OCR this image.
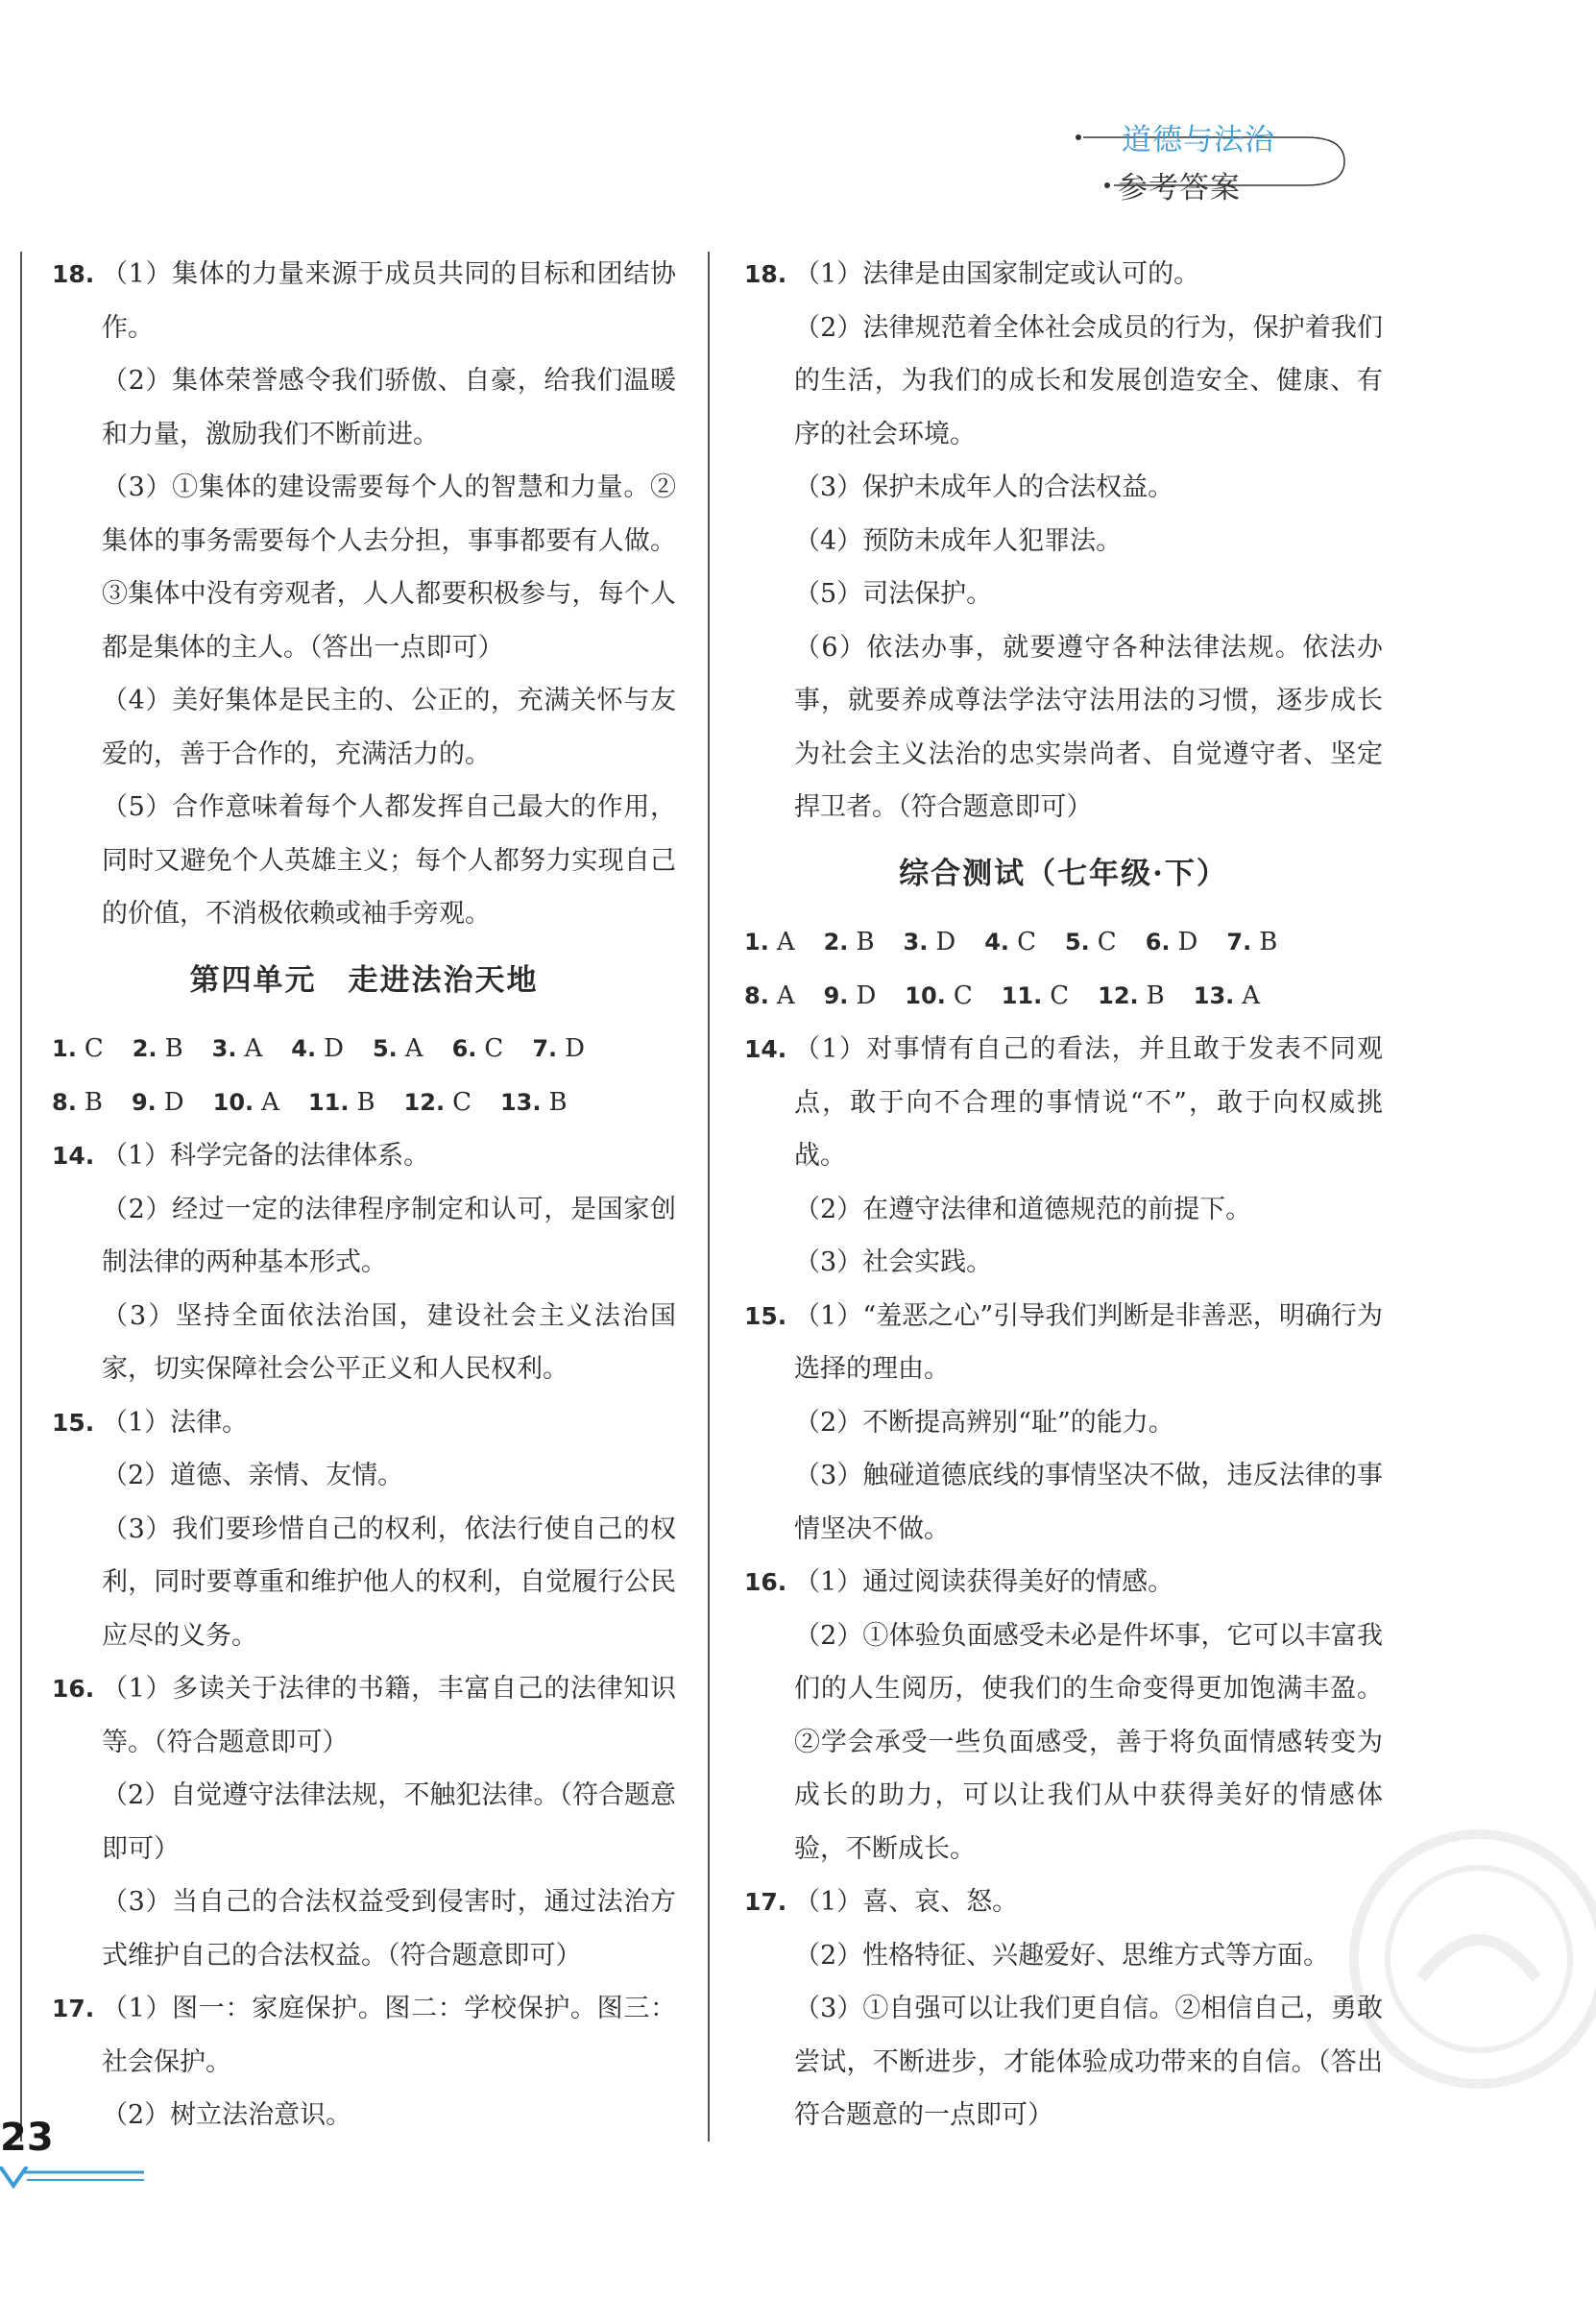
道德与法治
参考答案
18. （1）集体的力量来源于成员共同的目标和团结协作。
（2）集体荣誉感令我们骄傲、自豪，给我们温暖和力量，激励我们不断前进。
（3）①集体的建设需要每个人的智慧和力量。②集体的事务需要每个人去分担，事事都要有人做。③集体中没有旁观者，人人都要积极参与，每个人都是集体的主人。（答出一点即可）
（4）美好集体是民主的、公正的，充满关怀与友爱的，善于合作的，充满活力的。
（5）合作意味着每个人都发挥自己最大的作用，同时又避免个人英雄主义；每个人都努力实现自己的价值，不消极依赖或袖手旁观。
第四单元　走进法治天地
1. C 2. B 3. A 4. D 5. A 6. C 7. D
8. B 9. D 10. A 11. B 12. C 13. B
14. （1）科学完备的法律体系。
（2）经过一定的法律程序制定和认可，是国家创制法律的两种基本形式。
（3）坚持全面依法治国，建设社会主义法治国家，切实保障社会公平正义和人民权利。
15. （1）法律。
（2）道德、亲情、友情。
（3）我们要珍惜自己的权利，依法行使自己的权利，同时要尊重和维护他人的权利，自觉履行公民应尽的义务。
16. （1）多读关于法律的书籍，丰富自己的法律知识等。（符合题意即可）
（2）自觉遵守法律法规，不触犯法律。（符合题意即可）
（3）当自己的合法权益受到侵害时，通过法治方式维护自己的合法权益。（符合题意即可）
17. （1）图一：家庭保护。图二：学校保护。图三：社会保护。
（2）树立法治意识。
18. （1）法律是由国家制定或认可的。
（2）法律规范着全体社会成员的行为，保护着我们的生活，为我们的成长和发展创造安全、健康、有序的社会环境。
（3）保护未成年人的合法权益。
（4）预防未成年人犯罪法。
（5）司法保护。
（6）依法办事，就要遵守各种法律法规。依法办事，就要养成尊法学法守法用法的习惯，逐步成长为社会主义法治的忠实崇尚者、自觉遵守者、坚定捍卫者。（符合题意即可）
综合测试（七年级·下）
1. A 2. B 3. D 4. C 5. C 6. D 7. B
8. A 9. D 10. C 11. C 12. B 13. A
14. （1）对事情有自己的看法，并且敢于发表不同观点，敢于向不合理的事情说“不”，敢于向权威挑战。
（2）在遵守法律和道德规范的前提下。
（3）社会实践。
15. （1）“羞恶之心”引导我们判断是非善恶，明确行为选择的理由。
（2）不断提高辨别“耻”的能力。
（3）触碰道德底线的事情坚决不做，违反法律的事情坚决不做。
16. （1）通过阅读获得美好的情感。
（2）①体验负面感受未必是件坏事，它可以丰富我们的人生阅历，使我们的生命变得更加饱满丰盈。②学会承受一些负面感受，善于将负面情感转变为成长的助力，可以让我们从中获得美好的情感体验，不断成长。
17. （1）喜、哀、怒。
（2）性格特征、兴趣爱好、思维方式等方面。
（3）①自强可以让我们更自信。②相信自己，勇敢尝试，不断进步，才能体验成功带来的自信。（答出符合题意的一点即可）
23
